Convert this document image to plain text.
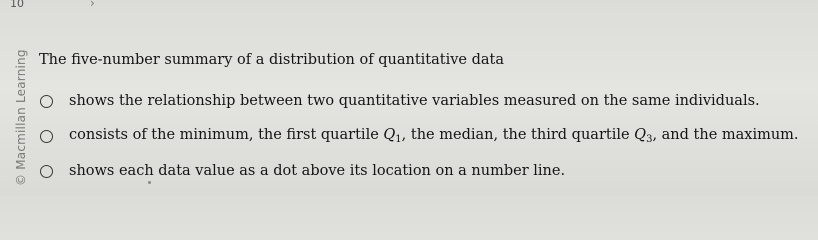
10	›
© Macmillan Learning The five-number summary of a distribution of quantitative data
shows the relationship between two quantitative variables measured on the same individuals.
consists of the minimum, the first quartile $Q_1$, the median, the third quartile $Q_3$, and the maximum.
shows each data value as a dot above its location on a number line.
